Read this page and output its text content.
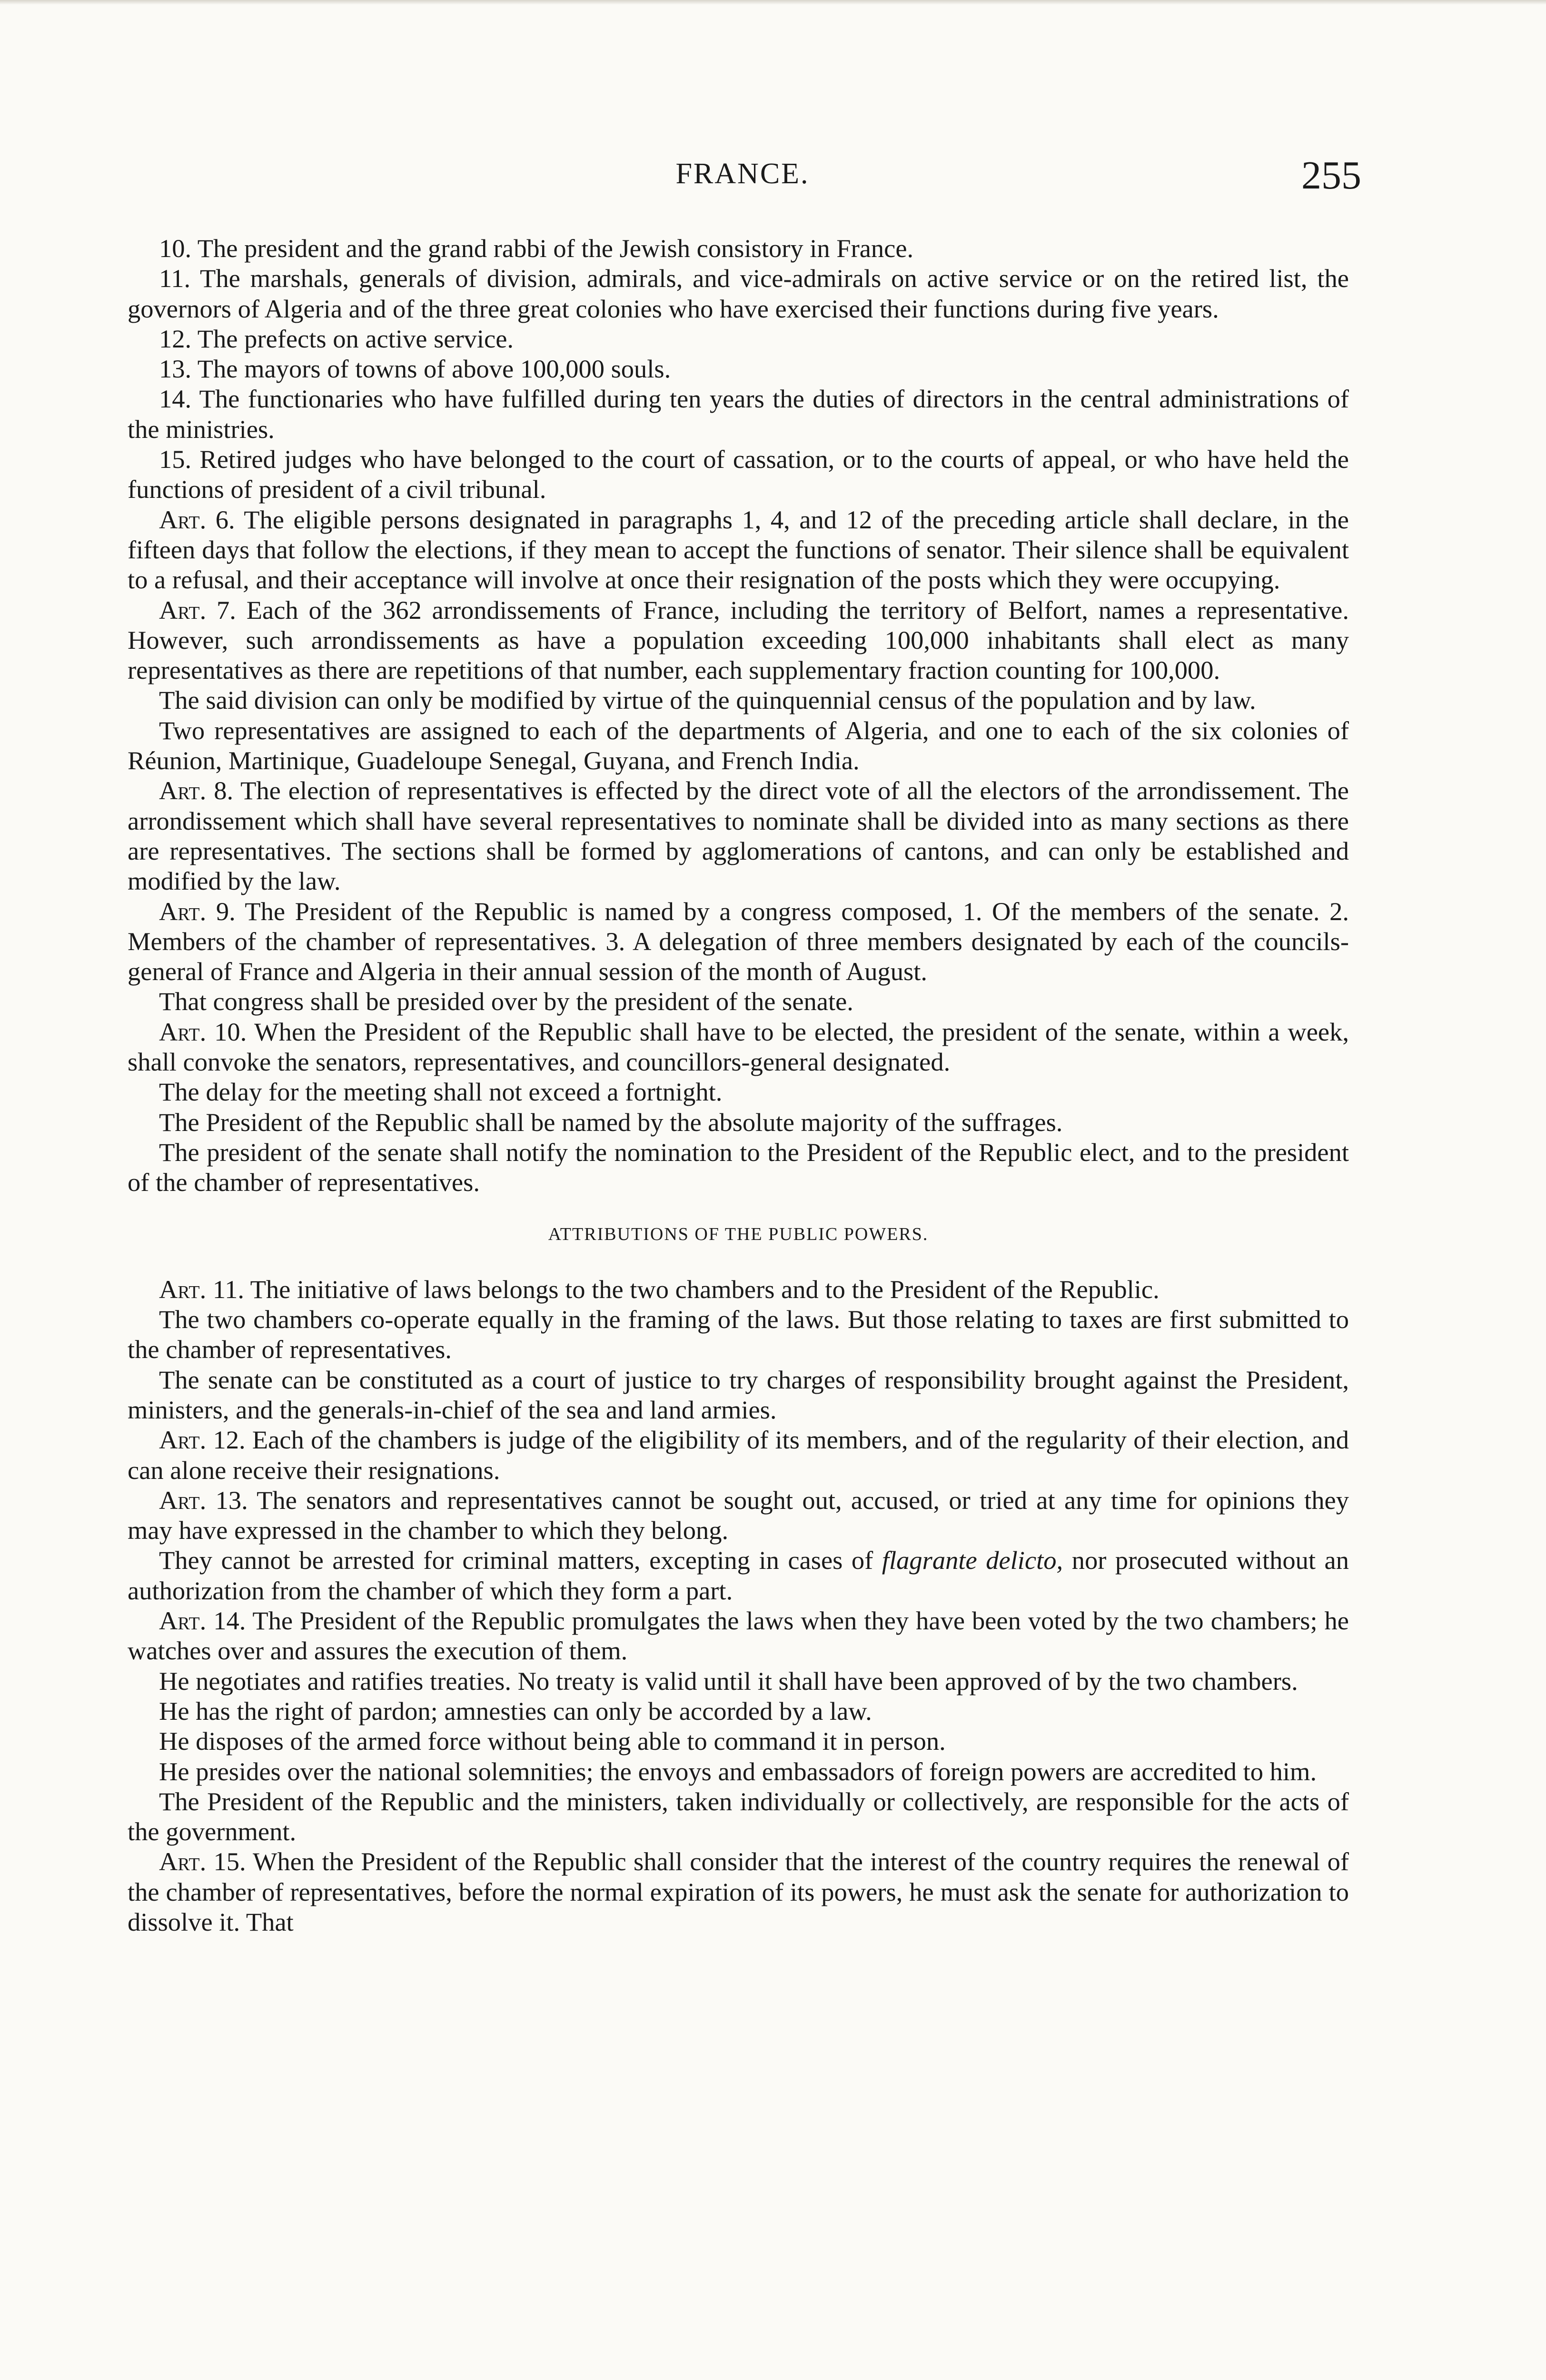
FRANCE.	255

10. The president and the grand rabbi of the Jewish consistory in France.

11. The marshals, generals of division, admirals, and vice-admirals on active service or on the retired list, the governors of Algeria and of the three great colonies who have exercised their functions during five years.

12. The prefects on active service.

13. The mayors of towns of above 100,000 souls.

14. The functionaries who have fulfilled during ten years the duties of directors in the central administrations of the ministries.

15. Retired judges who have belonged to the court of cassation, or to the courts of appeal, or who have held the functions of president of a civil tribunal.

Art. 6. The eligible persons designated in paragraphs 1, 4, and 12 of the preceding article shall declare, in the fifteen days that follow the elections, if they mean to accept the functions of senator. Their silence shall be equivalent to a refusal, and their acceptance will involve at once their resignation of the posts which they were occupying.

Art. 7. Each of the 362 arrondissements of France, including the territory of Belfort, names a representative. However, such arrondissements as have a population exceeding 100,000 inhabitants shall elect as many representatives as there are repetitions of that number, each supplementary fraction counting for 100,000.

The said division can only be modified by virtue of the quinquennial census of the population and by law.

Two representatives are assigned to each of the departments of Algeria, and one to each of the six colonies of Réunion, Martinique, Guadeloupe Senegal, Guyana, and French India.

Art. 8. The election of representatives is effected by the direct vote of all the electors of the arrondissement. The arrondissement which shall have several representatives to nominate shall be divided into as many sections as there are representatives. The sections shall be formed by agglomerations of cantons, and can only be established and modified by the law.

Art. 9. The President of the Republic is named by a congress composed, 1. Of the members of the senate. 2. Members of the chamber of representatives. 3. A delegation of three members designated by each of the councils-general of France and Algeria in their annual session of the month of August.

That congress shall be presided over by the president of the senate.

Art. 10. When the President of the Republic shall have to be elected, the president of the senate, within a week, shall convoke the senators, representatives, and councillors-general designated.

The delay for the meeting shall not exceed a fortnight.

The President of the Republic shall be named by the absolute majority of the suffrages.

The president of the senate shall notify the nomination to the President of the Republic elect, and to the president of the chamber of representatives.

ATTRIBUTIONS OF THE PUBLIC POWERS.

Art. 11. The initiative of laws belongs to the two chambers and to the President of the Republic.

The two chambers co-operate equally in the framing of the laws. But those relating to taxes are first submitted to the chamber of representatives.

The senate can be constituted as a court of justice to try charges of responsibility brought against the President, ministers, and the generals-in-chief of the sea and land armies.

Art. 12. Each of the chambers is judge of the eligibility of its members, and of the regularity of their election, and can alone receive their resignations.

Art. 13. The senators and representatives cannot be sought out, accused, or tried at any time for opinions they may have expressed in the chamber to which they belong.

They cannot be arrested for criminal matters, excepting in cases of flagrante delicto, nor prosecuted without an authorization from the chamber of which they form a part.

Art. 14. The President of the Republic promulgates the laws when they have been voted by the two chambers; he watches over and assures the execution of them.

He negotiates and ratifies treaties. No treaty is valid until it shall have been approved of by the two chambers.

He has the right of pardon; amnesties can only be accorded by a law.

He disposes of the armed force without being able to command it in person.

He presides over the national solemnities; the envoys and embassadors of foreign powers are accredited to him.

The President of the Republic and the ministers, taken individually or collectively, are responsible for the acts of the government.

Art. 15. When the President of the Republic shall consider that the interest of the country requires the renewal of the chamber of representatives, before the normal expiration of its powers, he must ask the senate for authorization to dissolve it. That
